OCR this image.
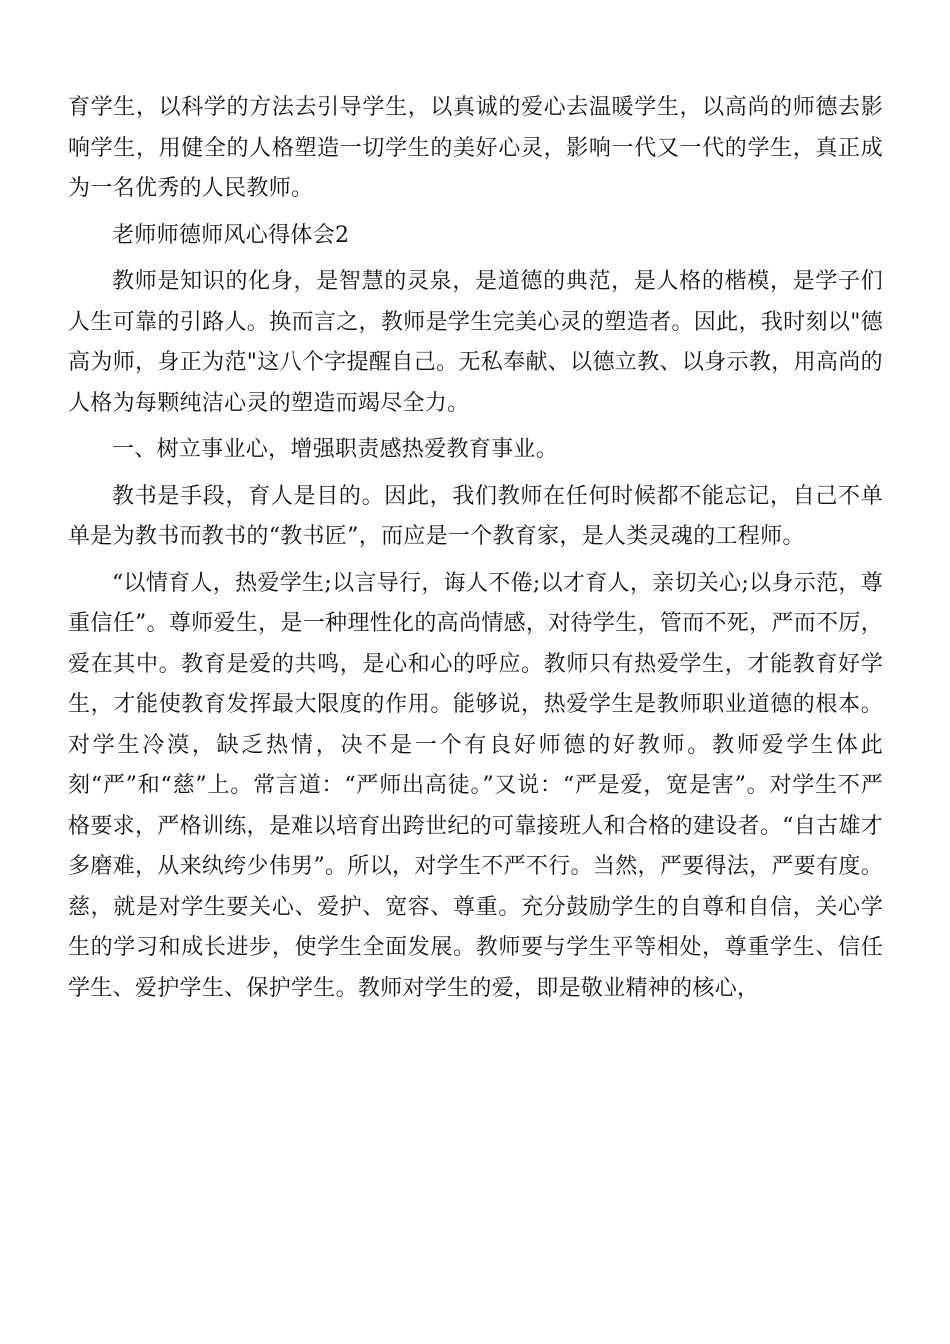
育学生，以科学的方法去引导学生，以真诚的爱心去温暖学生，以高尚的师德去影响学生，用健全的人格塑造一切学生的美好心灵，影响一代又一代的学生，真正成为一名优秀的人民教师。

老师师德师风心得体会2

教师是知识的化身，是智慧的灵泉，是道德的典范，是人格的楷模，是学子们人生可靠的引路人。换而言之，教师是学生完美心灵的塑造者。因此，我时刻以"德高为师，身正为范"这八个字提醒自己。无私奉献、以德立教、以身示教，用高尚的人格为每颗纯洁心灵的塑造而竭尽全力。

一、树立事业心，增强职责感热爱教育事业。

教书是手段，育人是目的。因此，我们教师在任何时候都不能忘记，自己不单单是为教书而教书的“教书匠”，而应是一个教育家，是人类灵魂的工程师。

“以情育人，热爱学生;以言导行，诲人不倦;以才育人，亲切关心;以身示范，尊重信任”。尊师爱生，是一种理性化的高尚情感，对待学生，管而不死，严而不厉，爱在其中。教育是爱的共鸣，是心和心的呼应。教师只有热爱学生，才能教育好学生，才能使教育发挥最大限度的作用。能够说，热爱学生是教师职业道德的根本。对学生冷漠，缺乏热情，决不是一个有良好师德的好教师。教师爱学生体此刻“严”和“慈”上。常言道：“严师出高徒。”又说：“严是爱，宽是害”。对学生不严格要求，严格训练，是难以培育出跨世纪的可靠接班人和合格的建设者。“自古雄才多磨难，从来纨绔少伟男”。所以，对学生不严不行。当然，严要得法，严要有度。慈，就是对学生要关心、爱护、宽容、尊重。充分鼓励学生的自尊和自信，关心学生的学习和成长进步，使学生全面发展。教师要与学生平等相处，尊重学生、信任学生、爱护学生、保护学生。教师对学生的爱，即是敬业精神的核心，
